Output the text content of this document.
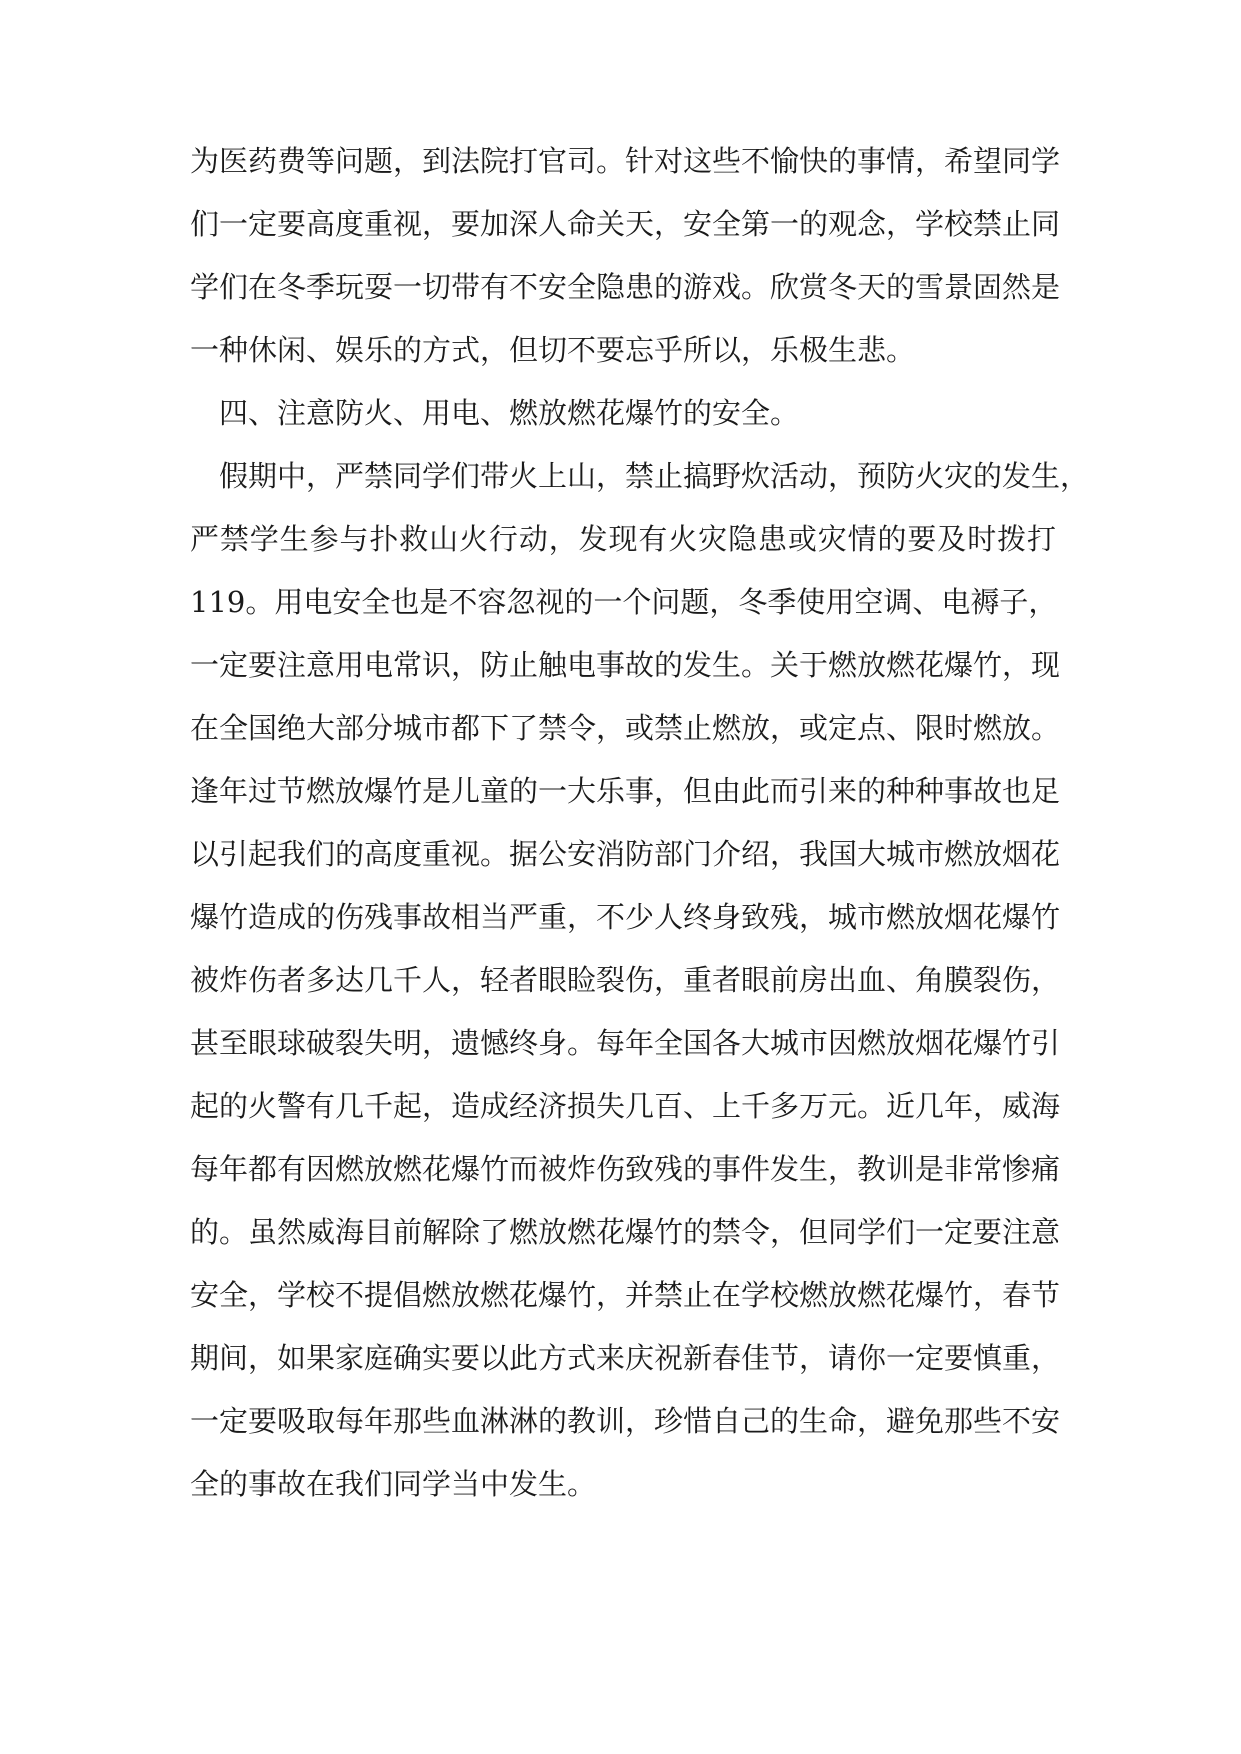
为医药费等问题，到法院打官司。针对这些不愉快的事情，希望同学
们一定要高度重视，要加深人命关天，安全第一的观念，学校禁止同
学们在冬季玩耍一切带有不安全隐患的游戏。欣赏冬天的雪景固然是
一种休闲、娱乐的方式，但切不要忘乎所以，乐极生悲。
四、注意防火、用电、燃放燃花爆竹的安全。
假期中，严禁同学们带火上山，禁止搞野炊活动，预防火灾的发生，
严禁学生参与扑救山火行动，发现有火灾隐患或灾情的要及时拨打
119。用电安全也是不容忽视的一个问题，冬季使用空调、电褥子，
一定要注意用电常识，防止触电事故的发生。关于燃放燃花爆竹，现
在全国绝大部分城市都下了禁令，或禁止燃放，或定点、限时燃放。
逢年过节燃放爆竹是儿童的一大乐事，但由此而引来的种种事故也足
以引起我们的高度重视。据公安消防部门介绍，我国大城市燃放烟花
爆竹造成的伤残事故相当严重，不少人终身致残，城市燃放烟花爆竹
被炸伤者多达几千人，轻者眼睑裂伤，重者眼前房出血、角膜裂伤，
甚至眼球破裂失明，遗憾终身。每年全国各大城市因燃放烟花爆竹引
起的火警有几千起，造成经济损失几百、上千多万元。近几年，威海
每年都有因燃放燃花爆竹而被炸伤致残的事件发生，教训是非常惨痛
的。虽然威海目前解除了燃放燃花爆竹的禁令，但同学们一定要注意
安全，学校不提倡燃放燃花爆竹，并禁止在学校燃放燃花爆竹，春节
期间，如果家庭确实要以此方式来庆祝新春佳节，请你一定要慎重，
一定要吸取每年那些血淋淋的教训，珍惜自己的生命，避免那些不安
全的事故在我们同学当中发生。
